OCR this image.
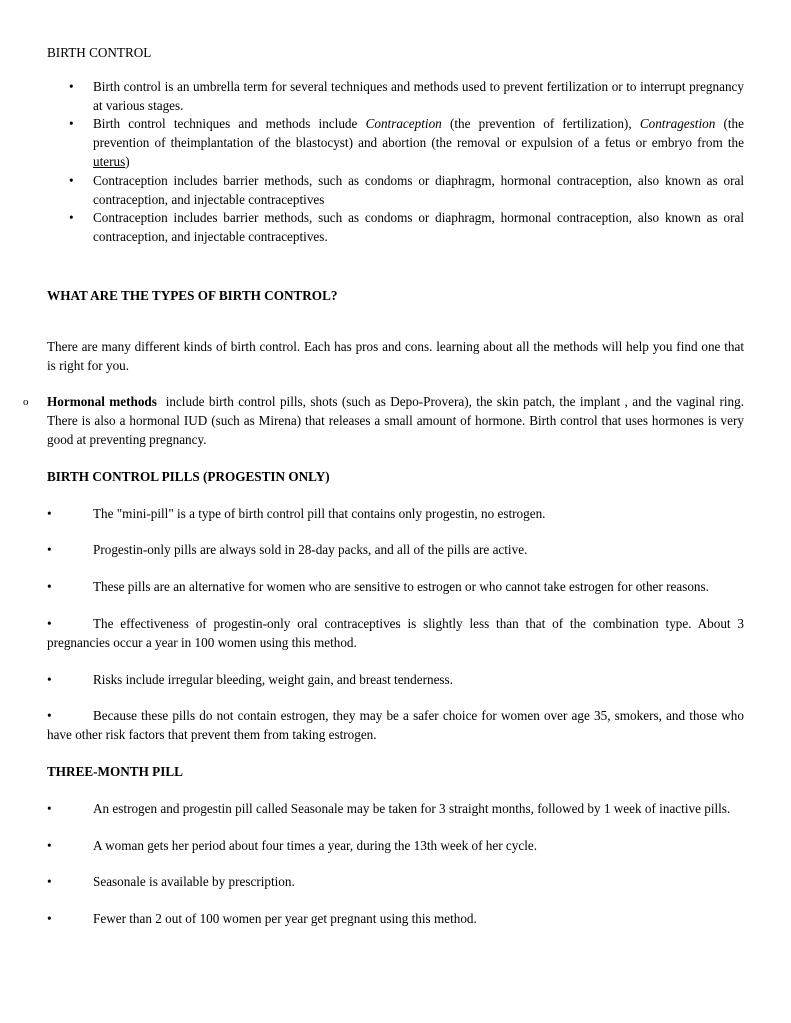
BIRTH CONTROL

• Birth control is an umbrella term for several techniques and methods used to prevent fertilization or to interrupt pregnancy at various stages.
• Birth control techniques and methods include Contraception (the prevention of fertilization), Contragestion (the prevention of theimplantation of the blastocyst) and abortion (the removal or expulsion of a fetus or embryo from the uterus)
• Contraception includes barrier methods, such as condoms or diaphragm, hormonal contraception, also known as oral contraception, and injectable contraceptives
• Contraception includes barrier methods, such as condoms or diaphragm, hormonal contraception, also known as oral contraception, and injectable contraceptives.

WHAT ARE THE TYPES OF BIRTH CONTROL?

There are many different kinds of birth control. Each has pros and cons. learning about all the methods will help you find one that is right for you.

o Hormonal methods  include birth control pills, shots (such as Depo-Provera), the skin patch, the implant , and the vaginal ring. There is also a hormonal IUD (such as Mirena) that releases a small amount of hormone. Birth control that uses hormones is very good at preventing pregnancy.

BIRTH CONTROL PILLS (PROGESTIN ONLY)

•	The "mini-pill" is a type of birth control pill that contains only progestin, no estrogen.

•	Progestin-only pills are always sold in 28-day packs, and all of the pills are active.

•	These pills are an alternative for women who are sensitive to estrogen or who cannot take estrogen for other reasons.

•	The effectiveness of progestin-only oral contraceptives is slightly less than that of the combination type. About 3 pregnancies occur a year in 100 women using this method.

•	Risks include irregular bleeding, weight gain, and breast tenderness.

•	Because these pills do not contain estrogen, they may be a safer choice for women over age 35, smokers, and those who have other risk factors that prevent them from taking estrogen.

THREE-MONTH PILL

•	An estrogen and progestin pill called Seasonale may be taken for 3 straight months, followed by 1 week of inactive pills.

•	A woman gets her period about four times a year, during the 13th week of her cycle.

•	Seasonale is available by prescription.

•	Fewer than 2 out of 100 women per year get pregnant using this method.
